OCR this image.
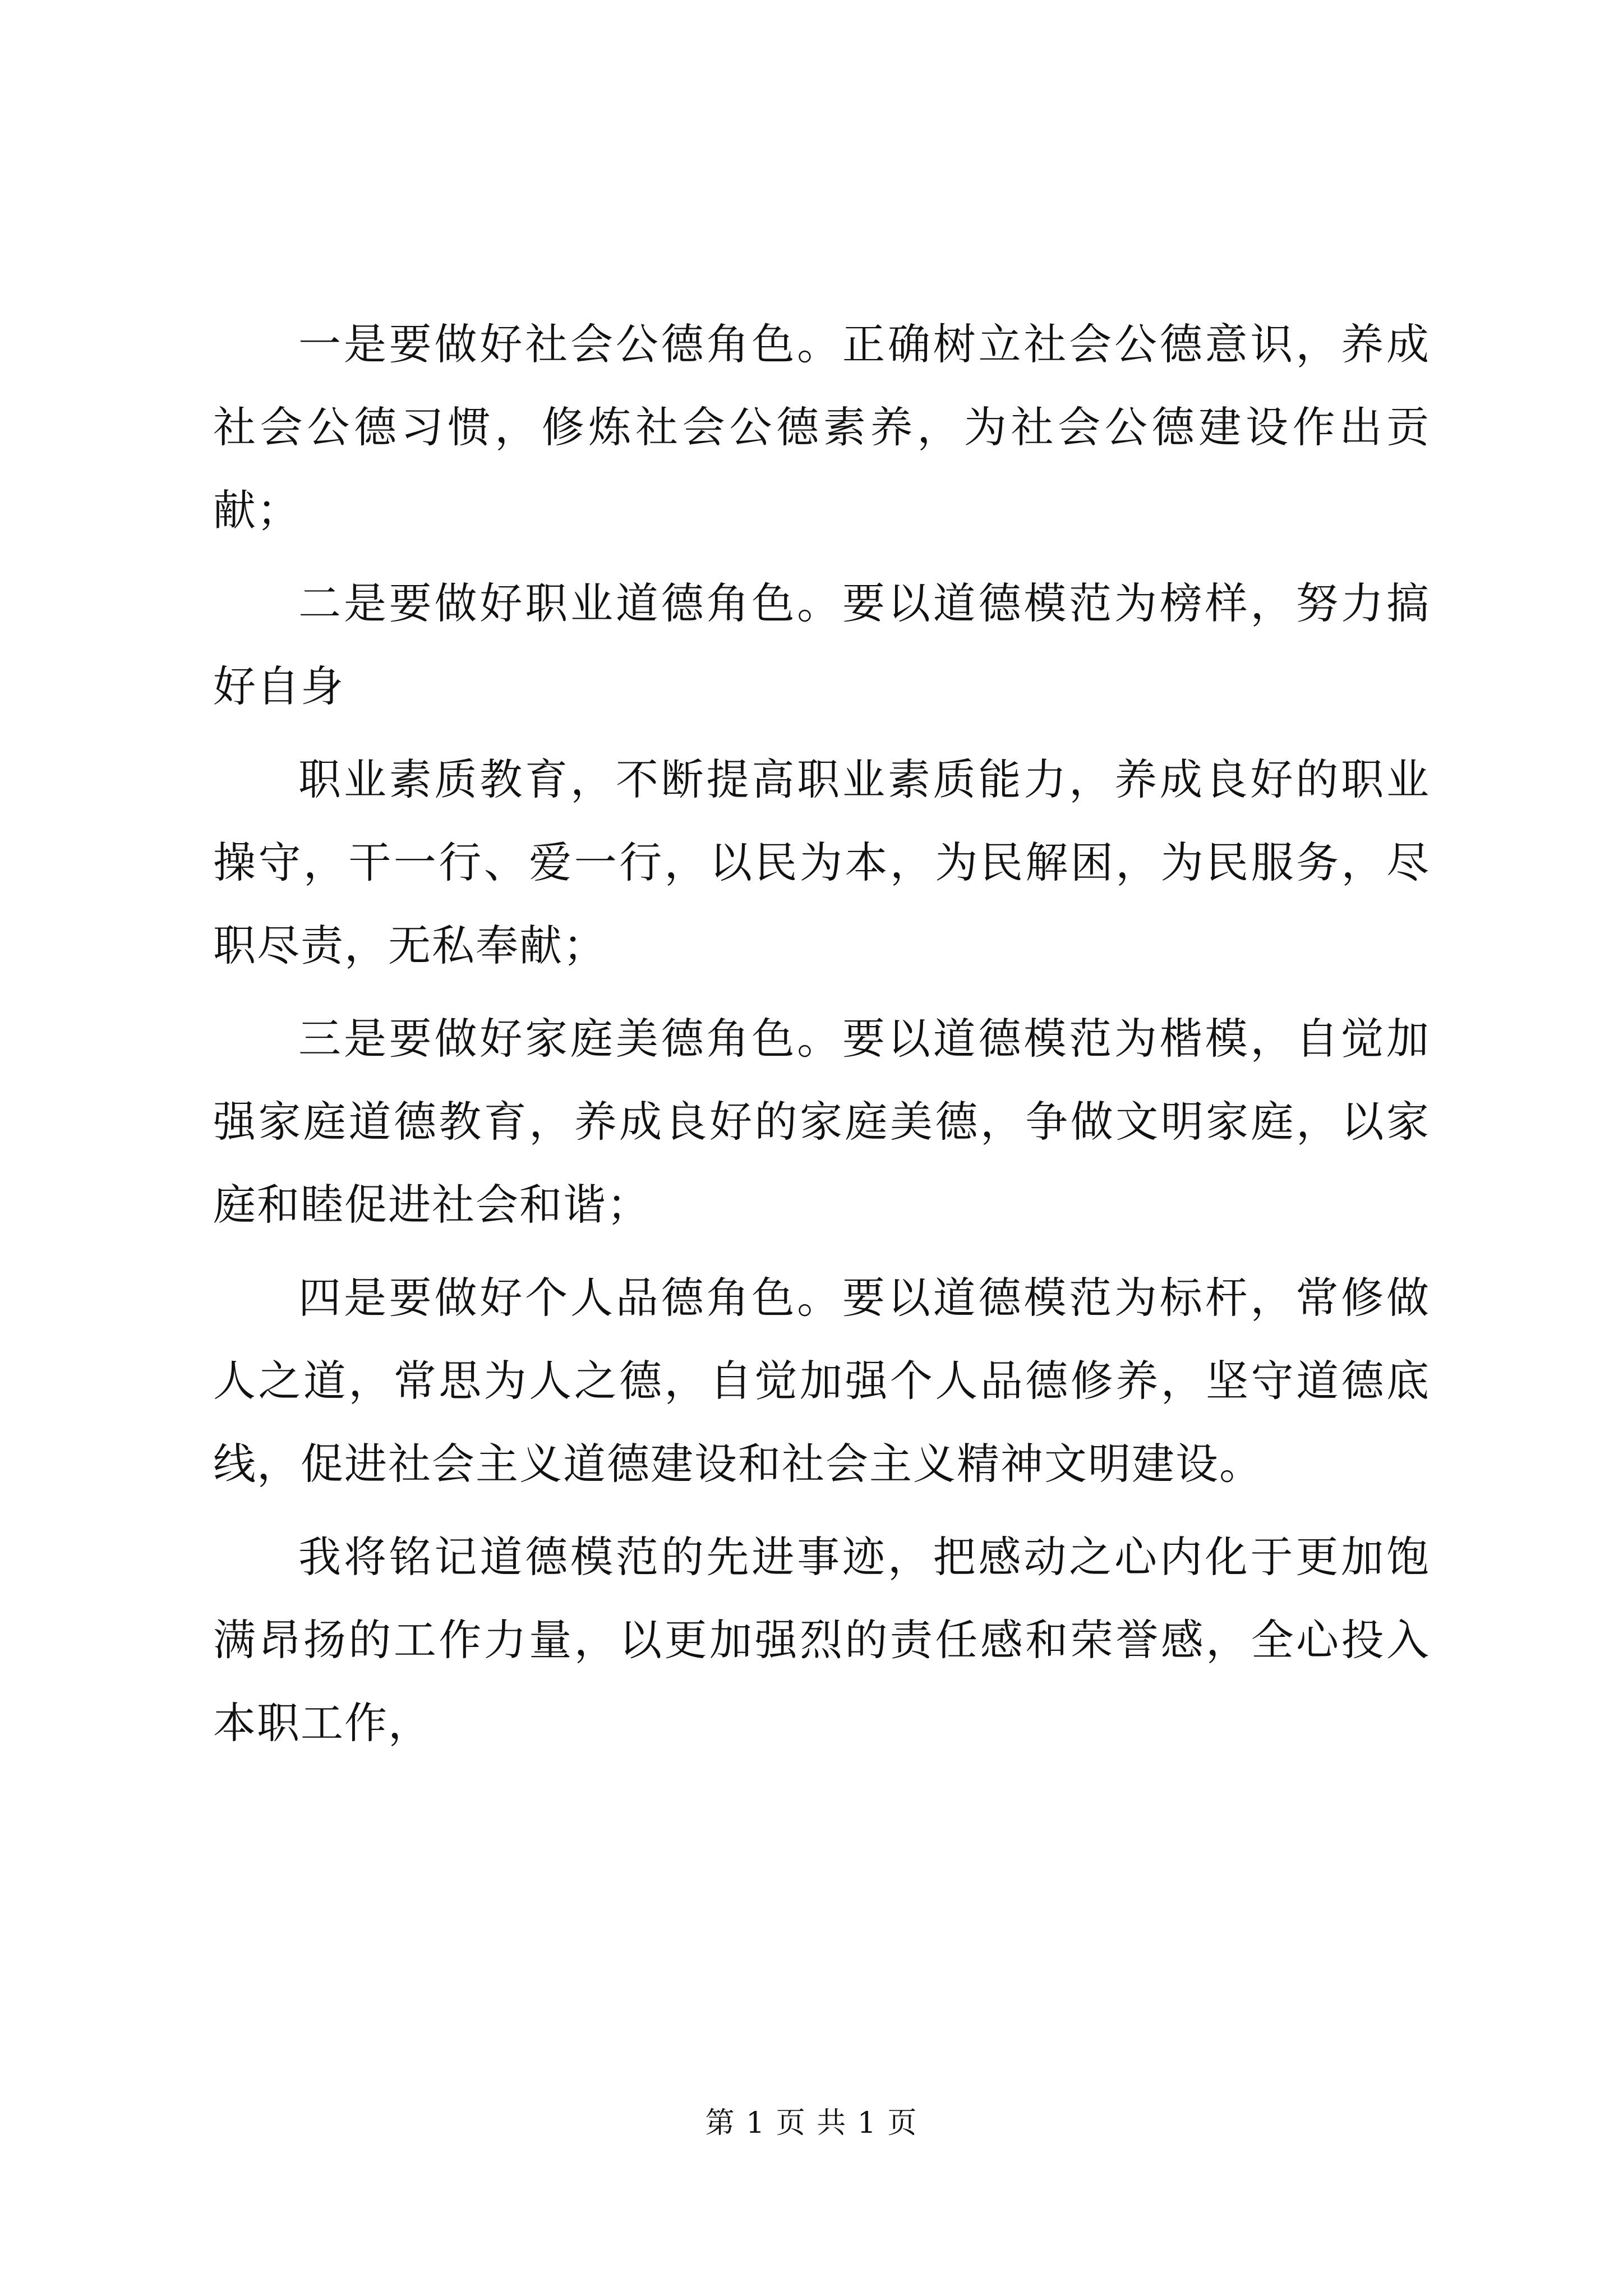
一是要做好社会公德角色。正确树立社会公德意识，养成社会公德习惯，修炼社会公德素养，为社会公德建设作出贡献；

二是要做好职业道德角色。要以道德模范为榜样，努力搞好自身

职业素质教育，不断提高职业素质能力，养成良好的职业操守，干一行、爱一行，以民为本，为民解困，为民服务，尽职尽责，无私奉献；

三是要做好家庭美德角色。要以道德模范为楷模，自觉加强家庭道德教育，养成良好的家庭美德，争做文明家庭，以家庭和睦促进社会和谐；

四是要做好个人品德角色。要以道德模范为标杆，常修做人之道，常思为人之德，自觉加强个人品德修养，坚守道德底线，促进社会主义道德建设和社会主义精神文明建设。

我将铭记道德模范的先进事迹，把感动之心内化于更加饱满昂扬的工作力量，以更加强烈的责任感和荣誉感，全心投入本职工作，

第 1 页 共 1 页
